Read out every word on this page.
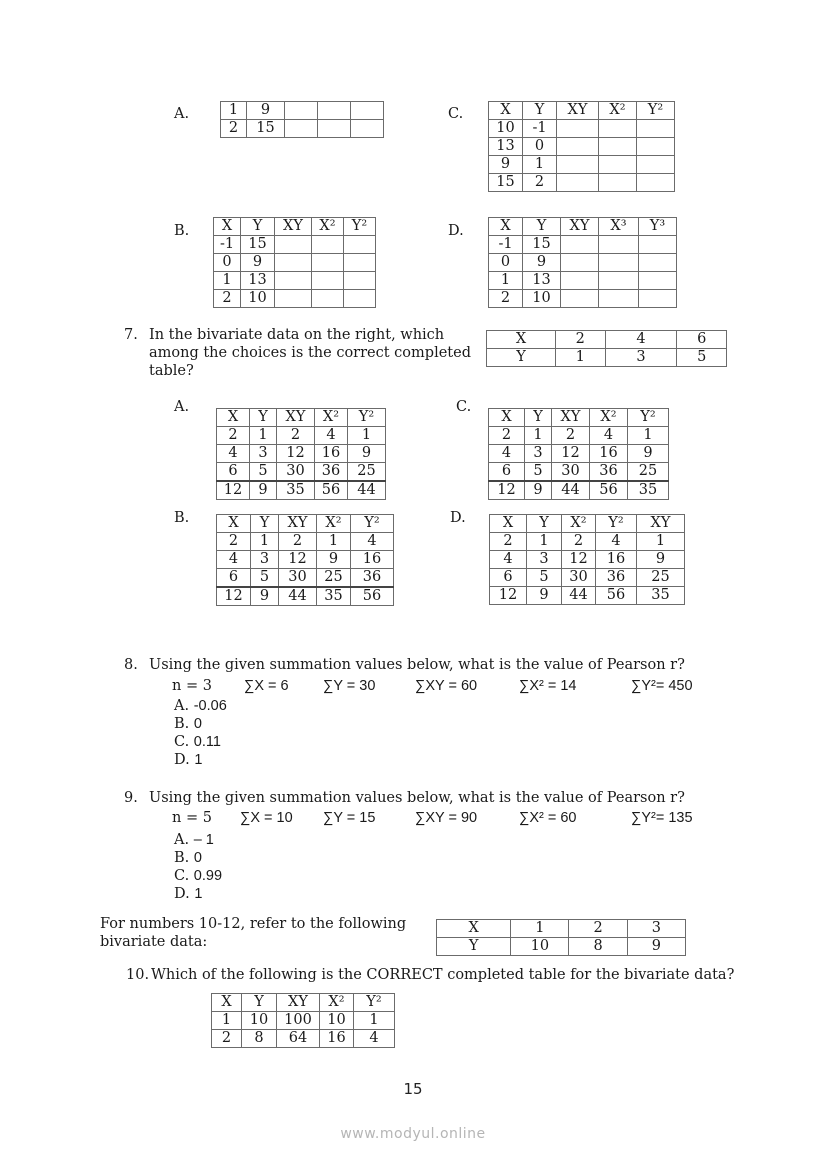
A.	1	9			
2	15			
B. X	Y	XY	X²	Y²
-1	15			
0	9			
1	13			
2	10			
C.	X	Y	XY	X²	Y²
10	-1			
13	0			
9	1			
15	2			
D.	X	Y	XY	X³	Y³
-1	15			
0	9			
1	13			
2	10			
7. In the bivariate data on the right, which
among the choices is the correct completed
table?
X	2	4	6
Y	1	3	5
A.
X	Y	XY	X²	Y²
2	1	2	4	1
4	3	12	16	9
6	5	30	36	25
12	9	35	56	44
C.
X	Y	XY	X²	Y²
2	1	2	4	1
4	3	12	16	9
6	5	30	36	25
12	9	44	56	35
B.	X	Y	XY	X²	Y²
2	1	2	1	4
4	3	12	9	16
6	5	30	25	36
12	9	44	35	56
D.	X	Y	X²	Y²	XY
2	1	2	4	1
4	3	12	16	9
6	5	30	36	25
12	9	44	56	35
8. Using the given summation values below, what is the value of Pearson r?
n = 3 ∑X = 6 ∑Y = 30	∑XY = 60	∑X² = 14	∑Y²= 450
A. -0.06
B. 0
C. 0.11
D. 1
9. Using the given summation values below, what is the value of Pearson r?
n = 5 ∑X = 10 ∑Y = 15	∑XY = 90	∑X² = 60	∑Y²= 135
A. – 1
B. 0
C. 0.99
D. 1
For numbers 10-12, refer to the following
bivariate data:
X	1	2	3
Y	10	8	9
10. Which of the following is the CORRECT completed table for the bivariate data?
X	Y	XY	X²	Y²
1	10	100	10	1
2	8	64	16	4
15
www.modyul.online
